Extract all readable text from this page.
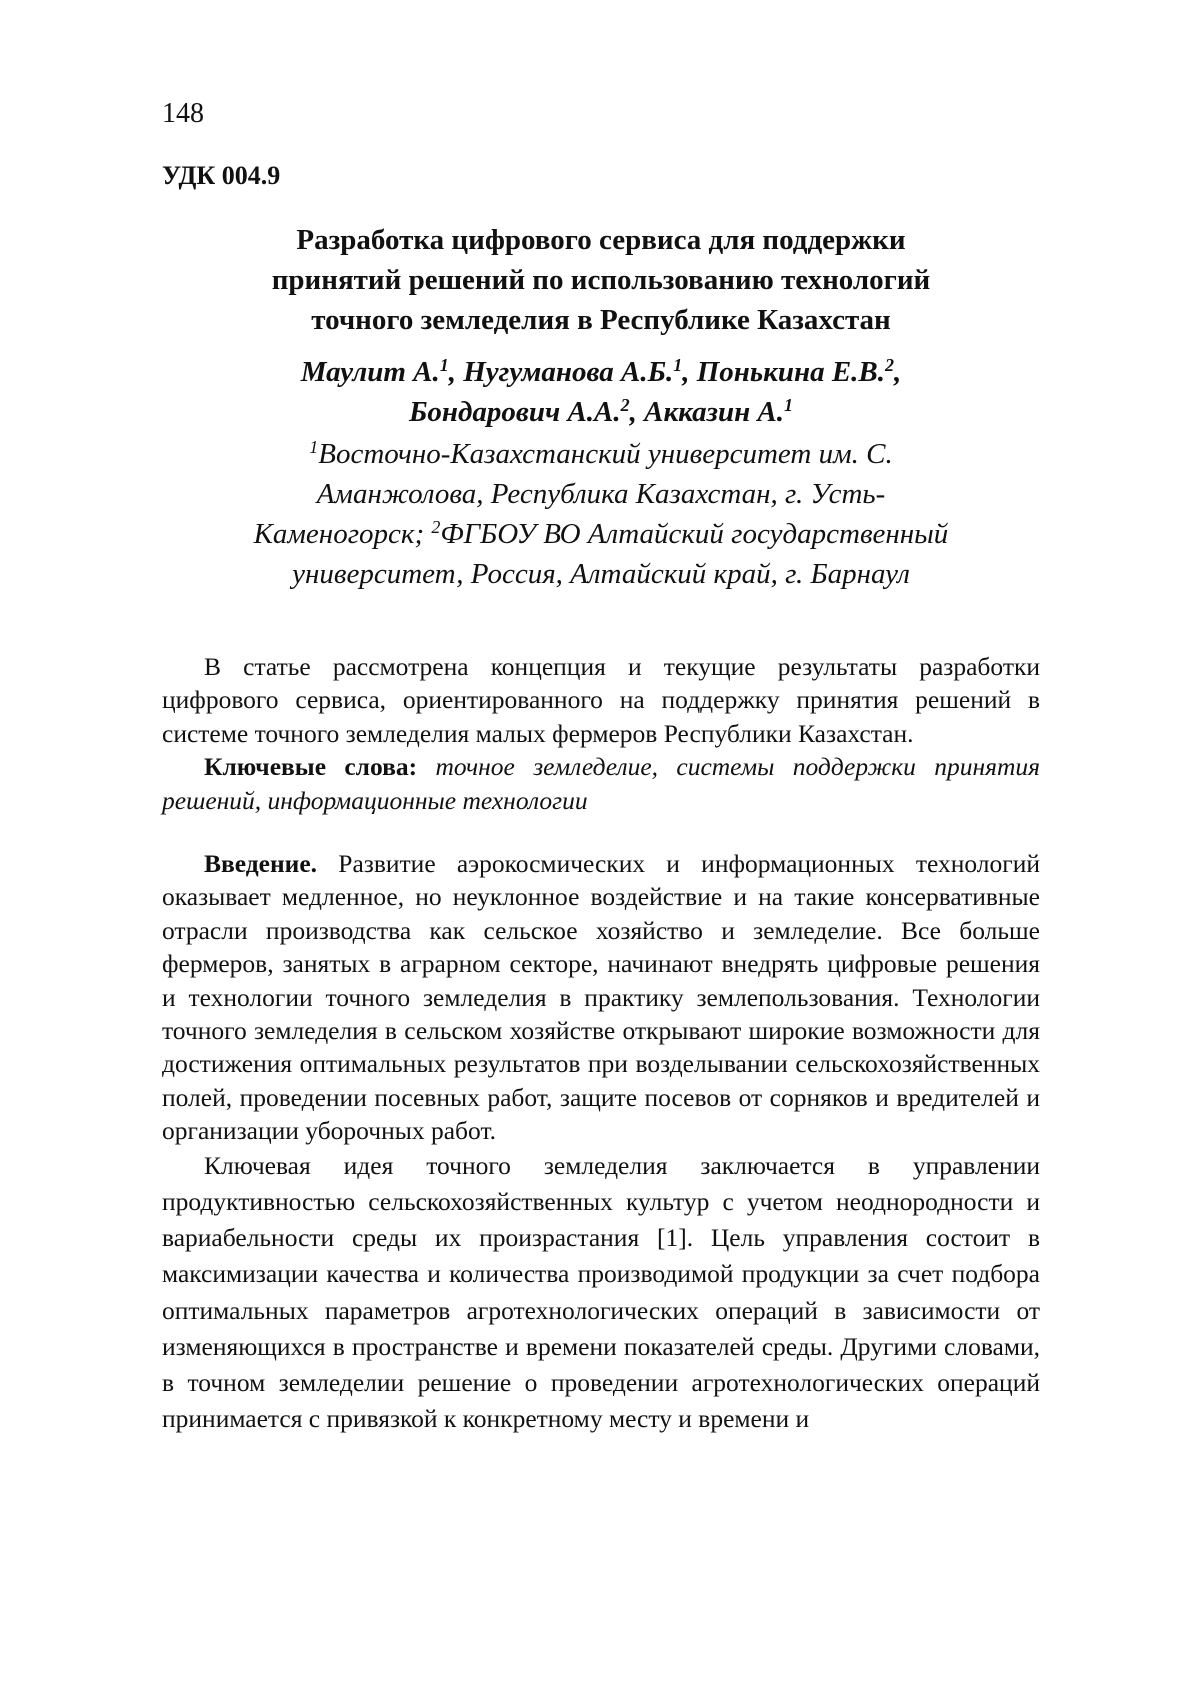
148

УДК 004.9

Разработка цифрового сервиса для поддержки
принятий решений по использованию технологий
точного земледелия в Республике Казахстан
Маулит А.$^1$, Нугуманова А.Б.$^1$, Понькина Е.В.$^2$,
Бондарович А.А.$^2$, Акказин А.$^1$
$^1$Восточно-Казахстанский университет им. С.
Аманжолова, Республика Казахстан, г. Усть-
Каменогорск; $^2$ФГБОУ ВО Алтайский государственный
университет, Россия, Алтайский край, г. Барнаул

В статье рассмотрена концепция и текущие результаты разработки цифрового сервиса, ориентированного на поддержку принятия решений в системе точного земледелия малых фермеров Республики Казахстан.

Ключевые слова: точное земледелие, системы поддержки принятия решений, информационные технологии

Введение. Развитие аэрокосмических и информационных технологий оказывает медленное, но неуклонное воздействие и на такие консервативные отрасли производства как сельское хозяйство и земледелие. Все больше фермеров, занятых в аграрном секторе, начинают внедрять цифровые решения и технологии точного земледелия в практику землепользования. Технологии точного земледелия в сельском хозяйстве открывают широкие возможности для достижения оптимальных результатов при возделывании сельскохозяйственных полей, проведении посевных работ, защите посевов от сорняков и вредителей и организации уборочных работ.

Ключевая идея точного земледелия заключается в управлении продуктивностью сельскохозяйственных культур с учетом неоднородности и вариабельности среды их произрастания [1]. Цель управления состоит в максимизации качества и количества производимой продукции за счет подбора оптимальных параметров агротехнологических операций в зависимости от изменяющихся в пространстве и времени показателей среды. Другими словами, в точном земледелии решение о проведении агротехнологических операций принимается с привязкой к конкретному месту и времени и
